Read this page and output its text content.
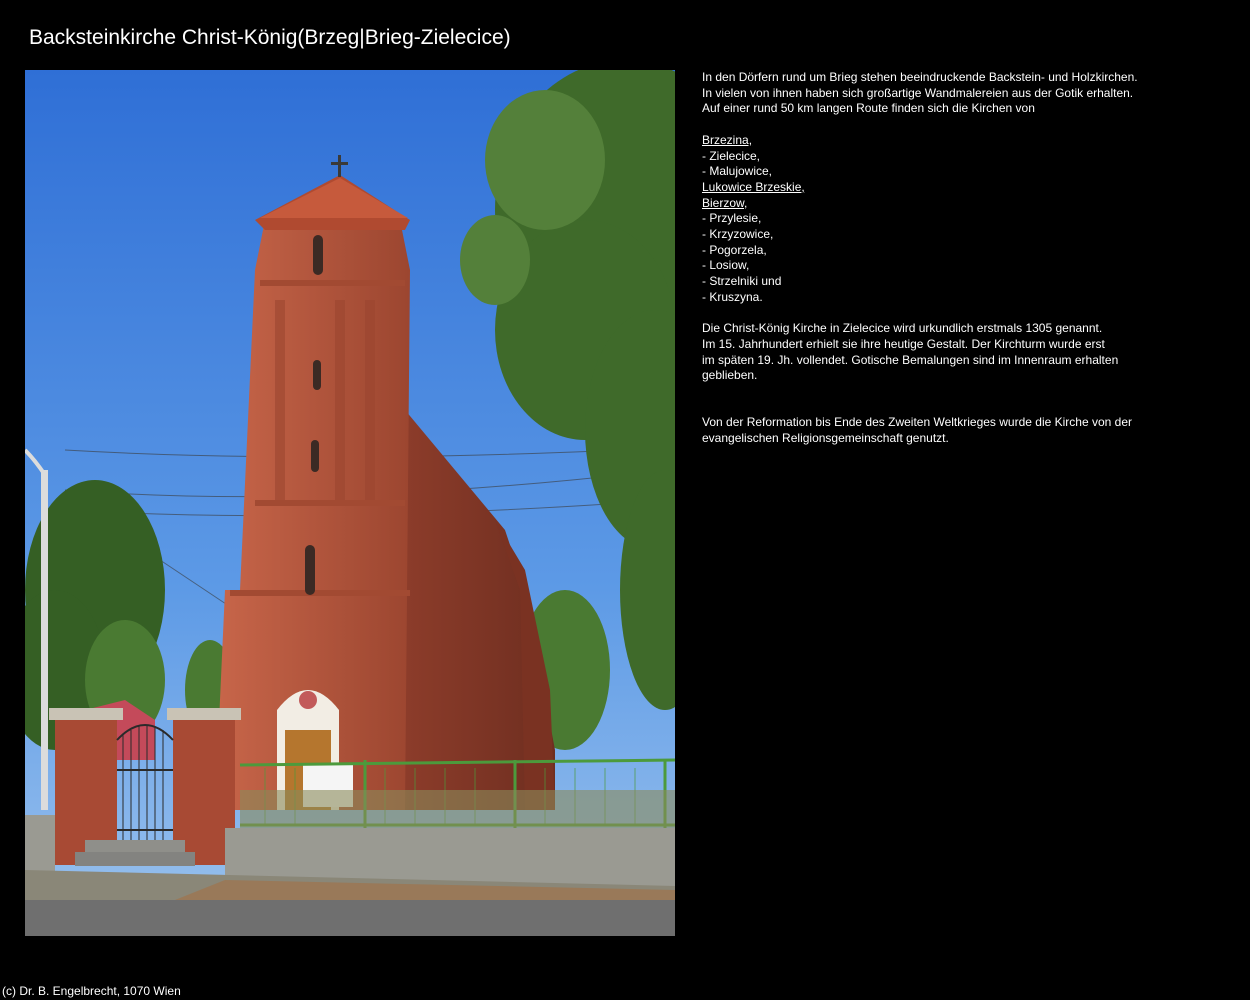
Backsteinkirche Christ-König(Brzeg|Brieg-Zielecice)

In den Dörfern rund um Brieg stehen beeindruckende Backstein- und Holzkirchen.
In vielen von ihnen haben sich großartige Wandmalereien aus der Gotik erhalten.
Auf einer rund 50 km langen Route finden sich die Kirchen von

Brzezina,
- Zielecice,
- Malujowice,
Lukowice Brzeskie,
Bierzow,
- Przylesie,
- Krzyzowice,
- Pogorzela,
- Losiow,
- Strzelniki und
- Kruszyna.

Die Christ-König Kirche in Zielecice wird urkundlich erstmals 1305 genannt.
Im 15. Jahrhundert erhielt sie ihre heutige Gestalt. Der Kirchturm wurde erst
im späten 19. Jh. vollendet. Gotische Bemalungen sind im Innenraum erhalten
geblieben.

Von der Reformation bis Ende des Zweiten Weltkrieges wurde die Kirche von der
evangelischen Religionsgemeinschaft genutzt.

(c) Dr. B. Engelbrecht, 1070 Wien
